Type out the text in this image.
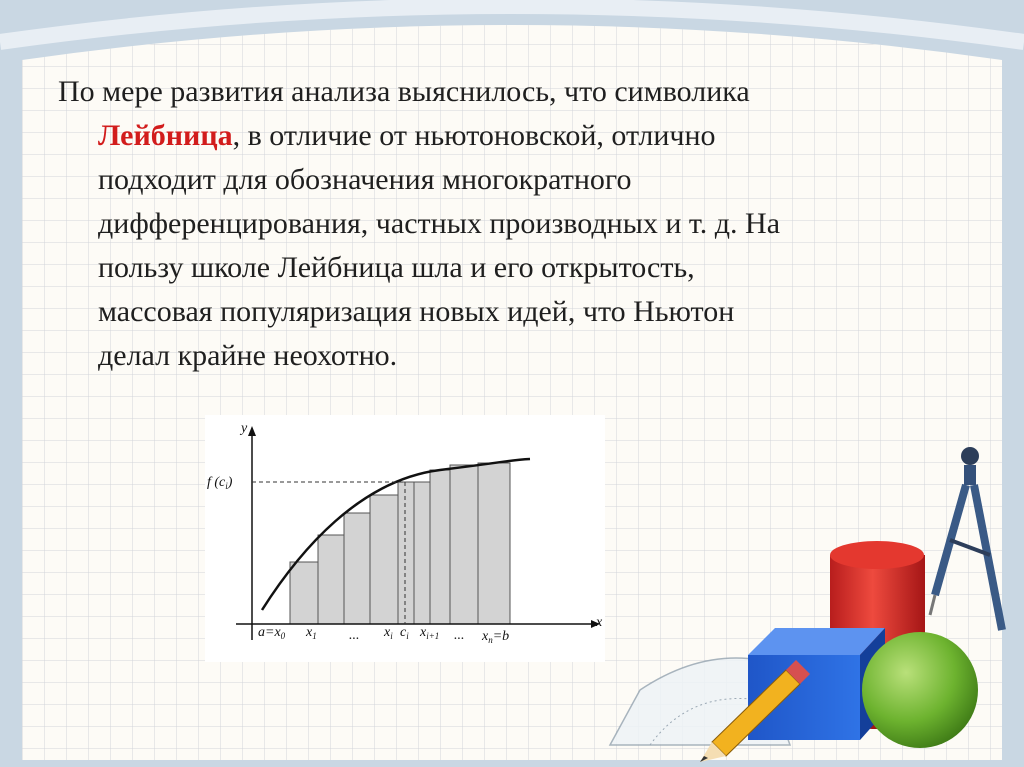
y
x
f $(c_i)$
$a=x_0$ $x_1$ ... $x_i$ $c_i$ $x_{i+1}$ ... $x_n=b$
По мере развития анализа выяснилось, что символика
Лейбница, в отличие от ньютоновской, отлично
подходит для обозначения многократного
дифференцирования, частных производных и т. д. На
пользу школе Лейбница шла и его открытость,
массовая популяризация новых идей, что Ньютон
делал крайне неохотно.
